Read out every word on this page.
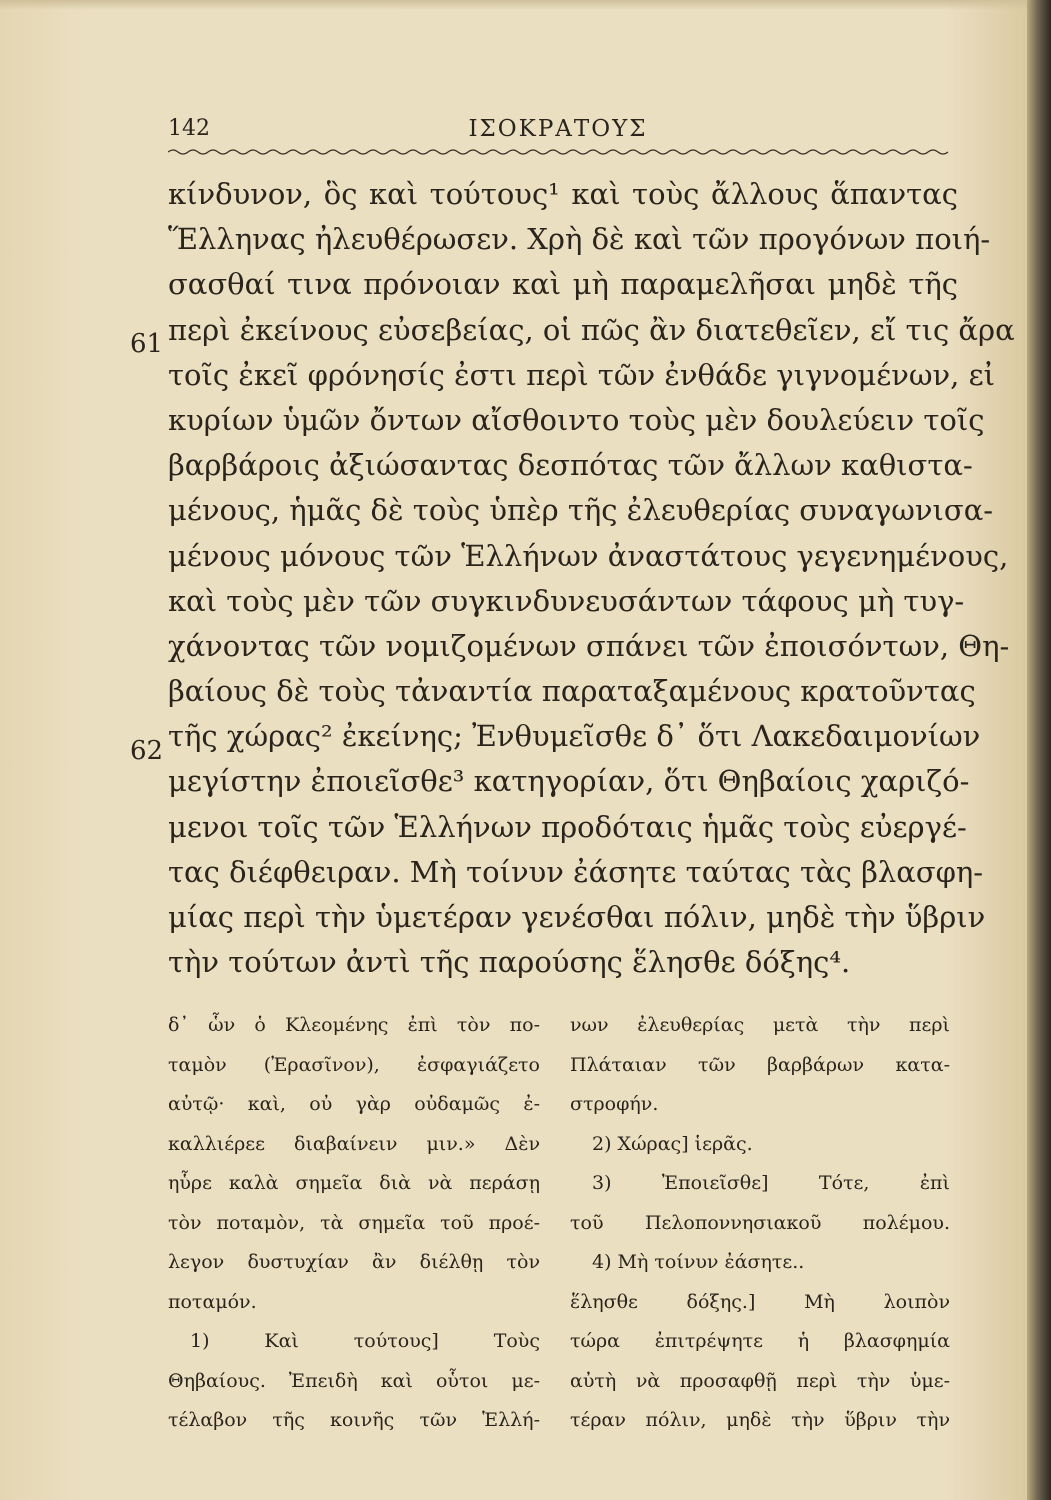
142	ΙΣΟΚΡΑΤΟΥΣ
61
62
κίνδυνον, ὃς καὶ τούτους¹ καὶ τοὺς ἄλλους ἅπαντας
Ἕλληνας ἠλευθέρωσεν. Χρὴ δὲ καὶ τῶν προγόνων ποιή-
σασθαί τινα πρόνοιαν καὶ μὴ παραμελῆσαι μηδὲ τῆς
περὶ ἐκείνους εὐσεβείας, οἱ πῶς ἂν διατεθεῖεν, εἴ τις ἄρα
τοῖς ἐκεῖ φρόνησίς ἐστι περὶ τῶν ἐνθάδε γιγνομένων, εἰ
κυρίων ὑμῶν ὄντων αἴσθοιντο τοὺς μὲν δουλεύειν τοῖς
βαρβάροις ἀξιώσαντας δεσπότας τῶν ἄλλων καθιστα-
μένους, ἡμᾶς δὲ τοὺς ὑπὲρ τῆς ἐλευθερίας συναγωνισα-
μένους μόνους τῶν Ἑλλήνων ἀναστάτους γεγενημένους,
καὶ τοὺς μὲν τῶν συγκινδυνευσάντων τάφους μὴ τυγ-
χάνοντας τῶν νομιζομένων σπάνει τῶν ἐποισόντων, Θη-
βαίους δὲ τοὺς τἀναντία παραταξαμένους κρατοῦντας
τῆς χώρας² ἐκείνης; Ἐνθυμεῖσθε δ᾽ ὅτι Λακεδαιμονίων
μεγίστην ἐποιεῖσθε³ κατηγορίαν, ὅτι Θηβαίοις χαριζό-
μενοι τοῖς τῶν Ἑλλήνων προδόταις ἡμᾶς τοὺς εὐεργέ-
τας διέφθειραν. Μὴ τοίνυν ἐάσητε ταύτας τὰς βλασφη-
μίας περὶ τὴν ὑμετέραν γενέσθαι πόλιν, μηδὲ τὴν ὕβριν
τὴν τούτων ἀντὶ τῆς παρούσης ἕλησθε δόξης⁴.
δ᾽ ὧν ὁ Κλεομένης ἐπὶ τὸν πο-
ταμὸν (Ἐρασῖνον), ἐσφαγιάζετο
αὐτῷ· καὶ, οὐ γὰρ οὐδαμῶς ἐ-
καλλιέρεε διαβαίνειν μιν.» Δὲν
ηὗρε καλὰ σημεῖα διὰ νὰ περάσῃ
τὸν ποταμὸν, τὰ σημεῖα τοῦ προέ-
λεγον δυστυχίαν ἂν διέλθῃ τὸν
ποταμόν.
1) Καὶ τούτους] Τοὺς
Θηβαίους. Ἐπειδὴ καὶ οὗτοι με-
τέλαβον τῆς κοινῆς τῶν Ἑλλή-
νων ἐλευθερίας μετὰ τὴν περὶ
Πλάταιαν τῶν βαρβάρων κατα-
στροφήν.
2) Χώρας] ἱερᾶς.
3) Ἐποιεῖσθε] Τότε, ἐπὶ
τοῦ Πελοποννησιακοῦ πολέμου.
4) Μὴ τοίνυν ἐάσητε..
ἕλησθε δόξης.] Μὴ λοιπὸν
τώρα ἐπιτρέψητε ἡ βλασφημία
αὐτὴ νὰ προσαφθῇ περὶ τὴν ὑμε-
τέραν πόλιν, μηδὲ τὴν ὕβριν τὴν
